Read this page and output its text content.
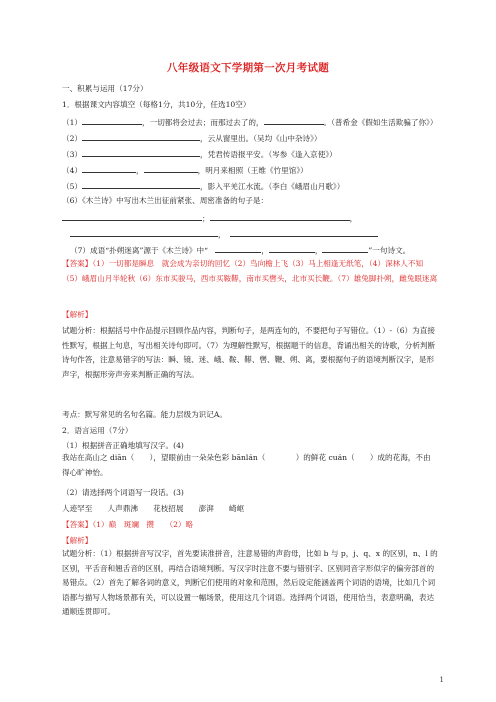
八年级语文下学期第一次月考试题
一、积累与运用（17分）
1．根据课文内容填空（每格1分，共10分，任选10空）
（1）	，一切都将会过去；而那过去了的，	。（普希金《假如生活欺骗了你》）
（2）	，云从窗里出。（吴均《山中杂诗》）
（3）	，凭君传语报平安。（岑参《逢入京使》）
（4）	，	，明月来相照（王维《竹里馆》）
（5）	，影入平羌江水流。（李白《峨眉山月歌》）
（6）《木兰诗》中写出木兰出征前紧张、周密准备的句子是：
；	，
，
（7）成语“扑朔迷离”源于《木兰诗》中“	，	，	”一句诗文。
【答案】（1）一切都是瞬息　就会成为亲切的回忆（2）鸟向檐上飞（3）马上相逢无纸笔，（4）深林人不知（5）峨眉山月半轮秋（6）东市买骏马，西市买鞍鞯，南市买辔头，北市买长鞭。（7）雄兔脚扑朔，雌兔眼迷离
【解析】
试题分析：根据括号中作品提示回顾作品内容，判断句子，是两连句的，不要把句子写错位。（1）-（6）为直接性默写，根据上句息，写出相关诗句即可。（7）为理解性默写，根据题干的信息，背诵出相关的诗歌，分析判断诗句作答，注意易错字的写法：瞬、镜、迷、峨、鞍、鞯、辔、鞭、朔、离，要根据句子的语境判断汉字，是形声字，根据形旁声旁来判断正确的写法。
考点：默写常见的名句名篇。能力层级为识记A。
2．语言运用（7分）
（1）根据拼音正确地填写汉字。(4)
我站在高山之 diān（　　），望眼前由一朵朵色彩 bānlán（　　　　）的鲜花 cuán（　　）成的花海，不由得心旷神怡。
（2）请选择两个词语写一段话。(3)
人迹罕至　　人声鼎沸　　花枝招展　　澎湃　　崎岖
【答案】（1）巅　斑斓　攒　　（2）略
【解析】
试题分析：（1）根据拼音写汉字，首先要读准拼音，注意易错的声韵母，比如 b 与 p，j、q、x 的区别，n、l 的区别，平舌音和翘舌音的区别，再结合语境判断。写汉字时注意不要与错别字、区别同音字形似字的偏旁部首的易错点。（2）首先了解各词的意义，判断它们使用的对象和范围，然后设定能涵盖两个词语的语境，比如几个词语都与描写人物场景都有关，可以设置一幅场景，使用这几个词语。选择两个词语，使用恰当，表意明确，表达通顺连贯即可。
1
